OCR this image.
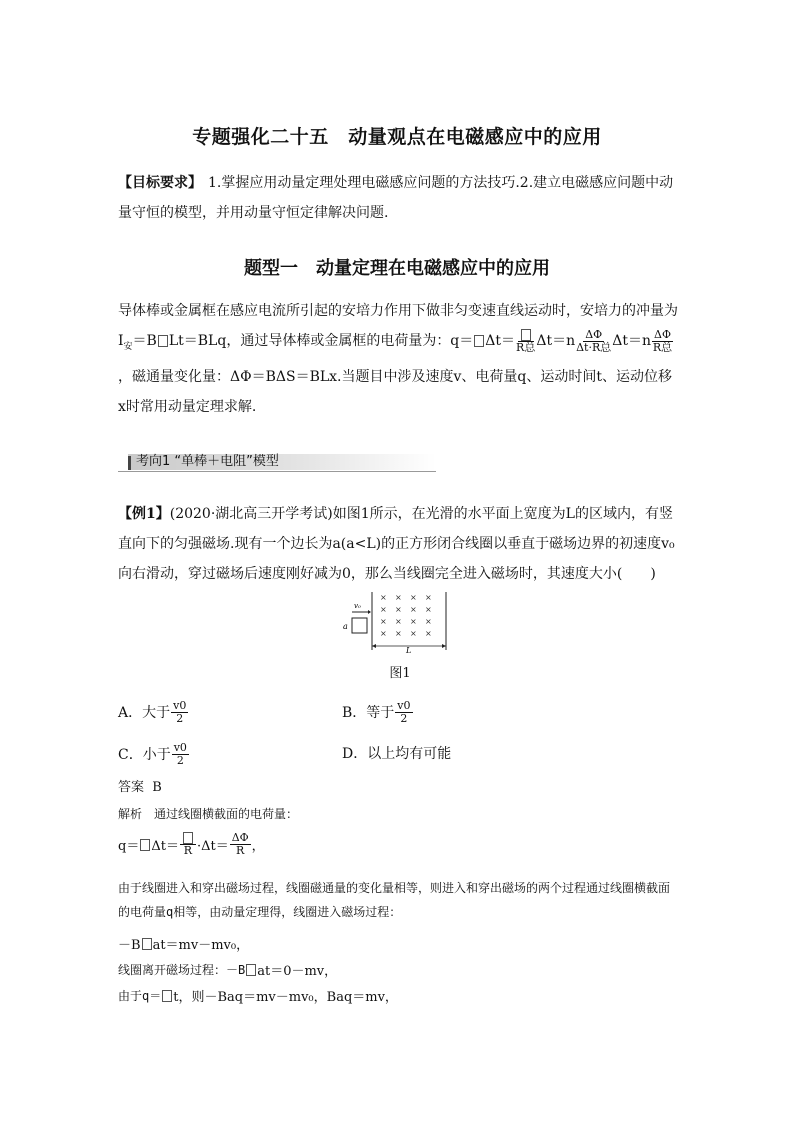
专题强化二十五　动量观点在电磁感应中的应用
【目标要求】 1.掌握应用动量定理处理电磁感应问题的方法技巧.2.建立电磁感应问题中动量守恒的模型，并用动量守恒定律解决问题.
题型一　动量定理在电磁感应中的应用
导体棒或金属框在感应电流所引起的安培力作用下做非匀变速直线运动时，安培力的冲量为$I_安=B$ Lt＝BLq，通过导体棒或金属框的电荷量为：q＝ Δt＝ R总 $\Delta t=n \frac{\Delta\Phi}{\text{Δt·R总}} \Delta t=n \frac{\Delta\Phi}{\text{R总}}$
，磁通量变化量：ΔΦ＝BΔS＝BLx.当题目中涉及速度v、电荷量q、运动时间t、运动位移x时常用动量定理求解.
考向1 “单棒＋电阻”模型
【例1】(2020·湖北高三开学考试)如图1所示，在光滑的水平面上宽度为L的区域内，有竖直向下的匀强磁场.现有一个边长为a(a<L)的正方形闭合线圈以垂直于磁场边界的初速度v₀向右滑动，穿过磁场后速度刚好减为0，那么当线圈完全进入磁场时，其速度大小(　　)
× × × ×
× × × ×
× × × ×
× × × ×
v₀
a
L
图1
A．大于 $\frac{v0}{2}$	B．等于 $\frac{v0}{2}$
C．小于 $\frac{v0}{2}$	D．以上均有可能
答案 B
解析　通过线圈横截面的电荷量：
$q= \Delta t= R \cdot\Delta t= \frac{\Delta\Phi}{R}$ ，
由于线圈进入和穿出磁场过程，线圈磁通量的变化量相等，则进入和穿出磁场的两个过程通过线圈横截面的电荷量q相等，由动量定理得，线圈进入磁场过程：
－B at＝mv－mv₀，
线圈离开磁场过程：－B at＝0－mv，
由于q＝ t，则－Baq＝mv－mv₀，Baq＝mv，
